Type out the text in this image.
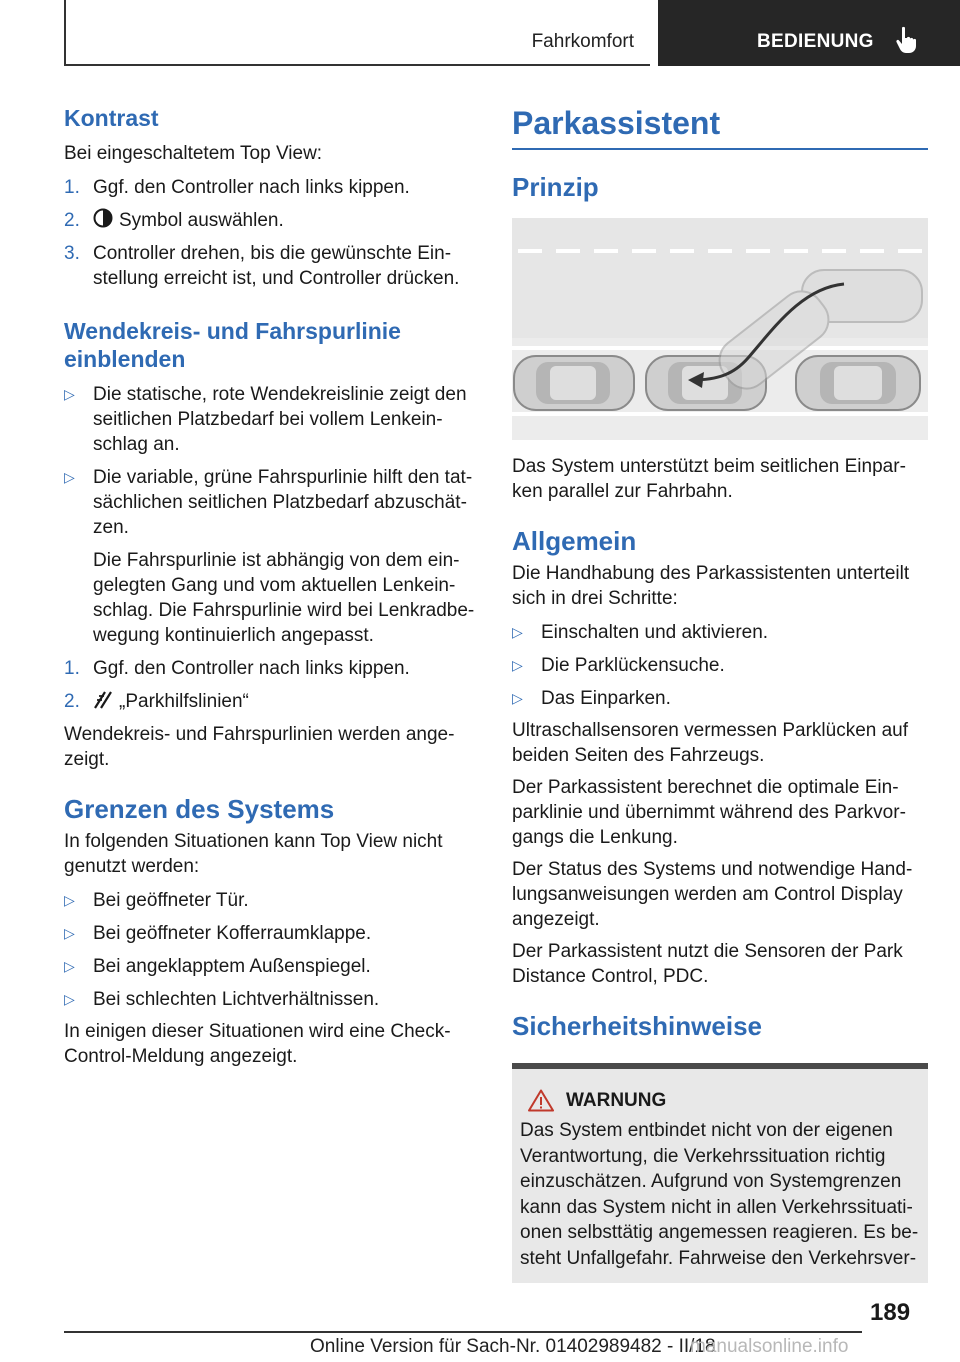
Fahrkomfort	BEDIENUNG
Kontrast

Bei eingeschaltetem Top View:

1. Ggf. den Controller nach links kippen.
2. Symbol auswählen.
3. Controller drehen, bis die gewünschte Einstellung erreicht ist, und Controller drücken.
Wendekreis- und Fahrspurlinie einblenden
▷ Die statische, rote Wendekreislinie zeigt den seitlichen Platzbedarf bei vollem Lenkeinschlag an.
▷ Die variable, grüne Fahrspurlinie hilft den tatsächlichen seitlichen Platzbedarf abzuschätzen.

Die Fahrspurlinie ist abhängig von dem eingelegten Gang und vom aktuellen Lenkeinschlag. Die Fahrspurlinie wird bei Lenkradbewegung kontinuierlich angepasst.

1. Ggf. den Controller nach links kippen.
2. „Parkhilfslinien“

Wendekreis- und Fahrspurlinien werden angezeigt.

Grenzen des Systems

In folgenden Situationen kann Top View nicht genutzt werden:

▷ Bei geöffneter Tür.
▷ Bei geöffneter Kofferraumklappe.
▷ Bei angeklapptem Außenspiegel.
▷ Bei schlechten Lichtverhältnissen.

In einigen dieser Situationen wird eine Check-Control-Meldung angezeigt.

Parkassistent
Prinzip

Das System unterstützt beim seitlichen Einparken parallel zur Fahrbahn.

Allgemein

Die Handhabung des Parkassistenten unterteilt sich in drei Schritte:

▷ Einschalten und aktivieren.
▷ Die Parklückensuche.
▷ Das Einparken.

Ultraschallsensoren vermessen Parklücken auf beiden Seiten des Fahrzeugs.

Der Parkassistent berechnet die optimale Einparklinie und übernimmt während des Parkvorgangs die Lenkung.

Der Status des Systems und notwendige Handlungsanweisungen werden am Control Display angezeigt.

Der Parkassistent nutzt die Sensoren der Park Distance Control, PDC.

Sicherheitshinweise
WARNUNG

Das System entbindet nicht von der eigenen Verantwortung, die Verkehrssituation richtig einzuschätzen. Aufgrund von Systemgrenzen kann das System nicht in allen Verkehrssituationen selbsttätig angemessen reagieren. Es besteht Unfallgefahr. Fahrweise den Verkehrsver-

189
Online Version für Sach-Nr. 01402989482 - II/18
manualsonline.info
